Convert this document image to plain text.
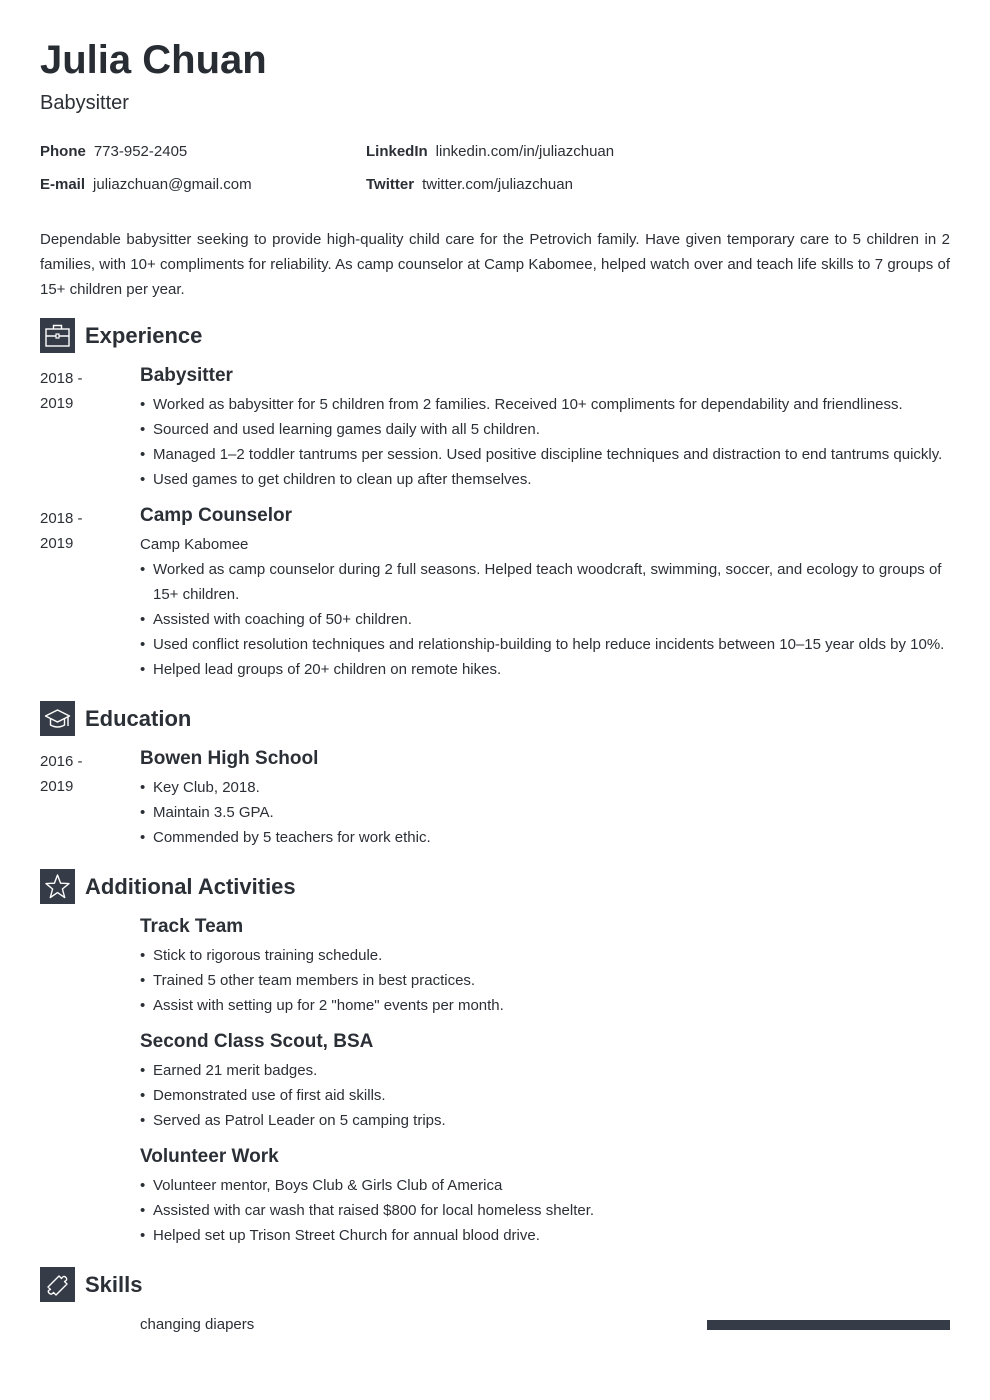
Julia Chuan
Babysitter
Phone 773-952-2405	LinkedIn linkedin.com/in/juliazchuan
E-mail juliazchuan@gmail.com	Twitter twitter.com/juliazchuan
Dependable babysitter seeking to provide high-quality child care for the Petrovich family. Have given temporary care to 5 children in 2 families, with 10+ compliments for reliability. As camp counselor at Camp Kabomee, helped watch over and teach life skills to 7 groups of 15+ children per year.
Experience
2018 -
2019
Babysitter
• Worked as babysitter for 5 children from 2 families. Received 10+ compliments for dependability and friendliness.
• Sourced and used learning games daily with all 5 children.
• Managed 1–2 toddler tantrums per session. Used positive discipline techniques and distraction to end tantrums quickly.
• Used games to get children to clean up after themselves.
2018 -
2019
Camp Counselor
Camp Kabomee
• Worked as camp counselor during 2 full seasons. Helped teach woodcraft, swimming, soccer, and ecology to groups of 15+ children.
• Assisted with coaching of 50+ children.
• Used conflict resolution techniques and relationship-building to help reduce incidents between 10–15 year olds by 10%.
• Helped lead groups of 20+ children on remote hikes.
Education
2016 -
2019
Bowen High School
• Key Club, 2018.
• Maintain 3.5 GPA.
• Commended by 5 teachers for work ethic.
Additional Activities
Track Team
• Stick to rigorous training schedule.
• Trained 5 other team members in best practices.
• Assist with setting up for 2 "home" events per month.
Second Class Scout, BSA
• Earned 21 merit badges.
• Demonstrated use of first aid skills.
• Served as Patrol Leader on 5 camping trips.
Volunteer Work
• Volunteer mentor, Boys Club & Girls Club of America
• Assisted with car wash that raised $800 for local homeless shelter.
• Helped set up Trison Street Church for annual blood drive.
Skills
changing diapers
